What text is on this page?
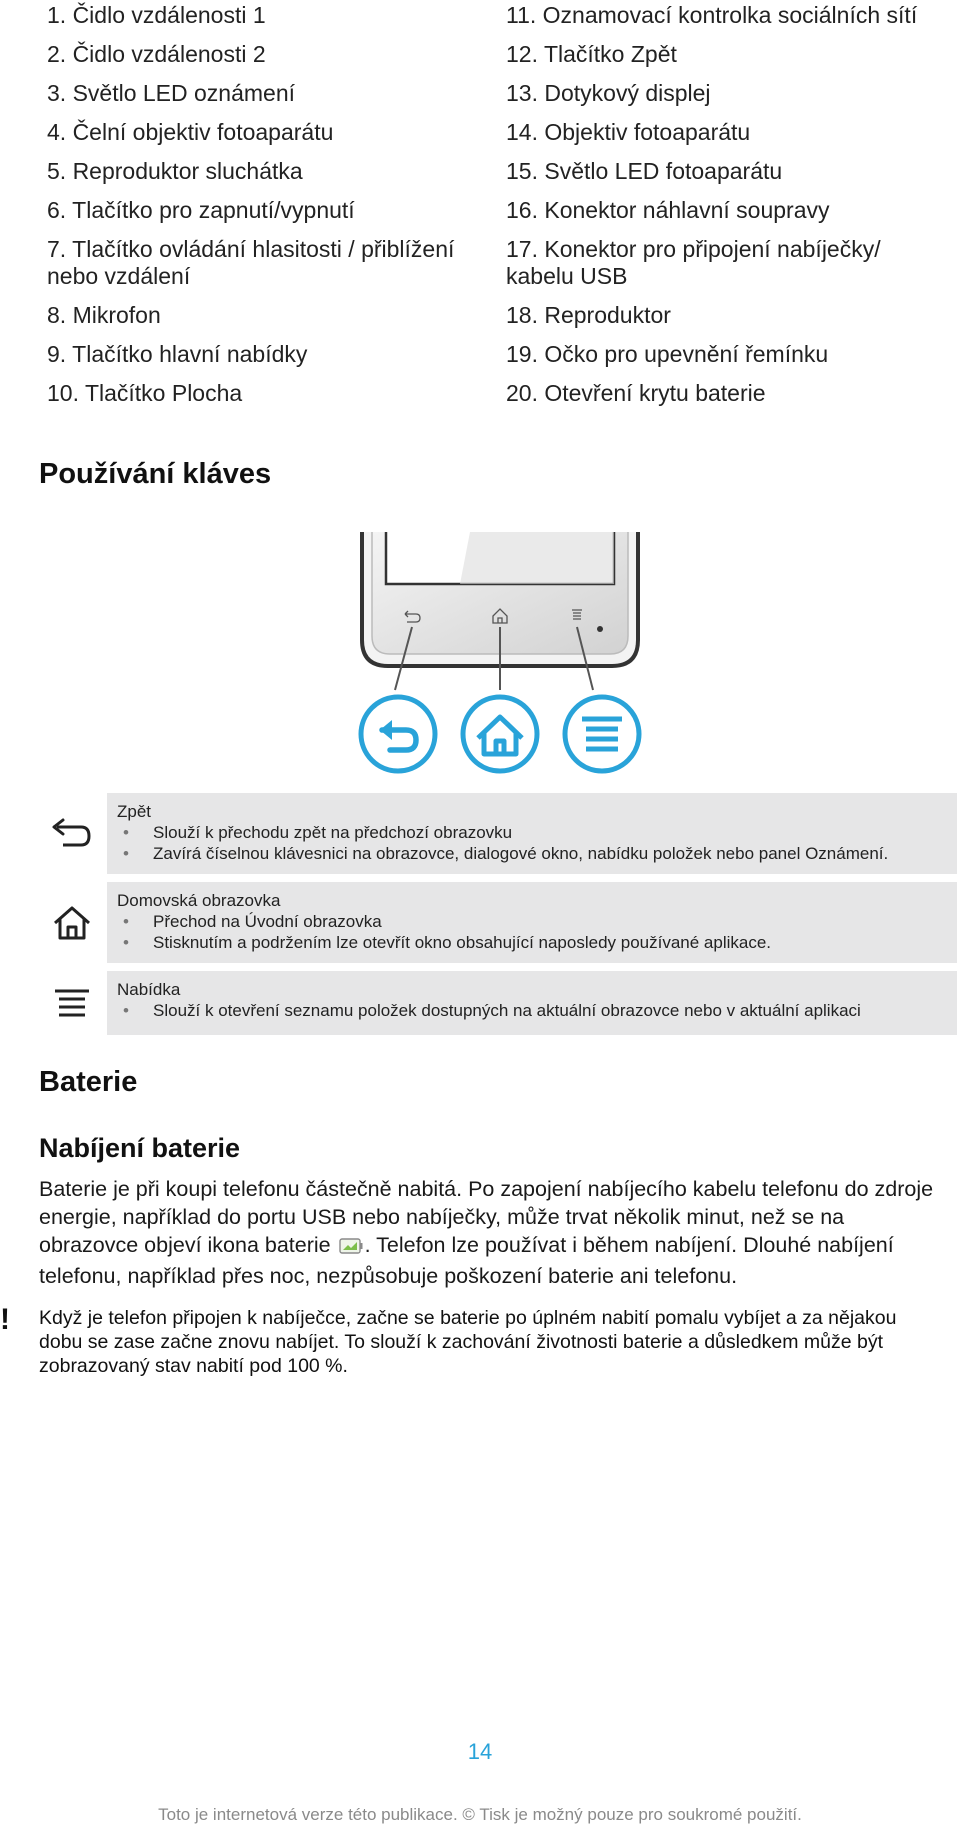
1. Čidlo vzdálenosti 1
2. Čidlo vzdálenosti 2
3. Světlo LED oznámení
4. Čelní objektiv fotoaparátu
5. Reproduktor sluchátka
6. Tlačítko pro zapnutí/vypnutí
7. Tlačítko ovládání hlasitosti / přiblížení nebo vzdálení
8. Mikrofon
9. Tlačítko hlavní nabídky
10. Tlačítko Plocha
11. Oznamovací kontrolka sociálních sítí
12. Tlačítko Zpět
13. Dotykový displej
14. Objektiv fotoaparátu
15. Světlo LED fotoaparátu
16. Konektor náhlavní soupravy
17. Konektor pro připojení nabíječky/ kabelu USB
18. Reproduktor
19. Očko pro upevnění řemínku
20. Otevření krytu baterie
Používání kláves
Zpět
• Slouží k přechodu zpět na předchozí obrazovku
• Zavírá číselnou klávesnici na obrazovce, dialogové okno, nabídku položek nebo panel Oznámení.
Domovská obrazovka
• Přechod na Úvodní obrazovka
• Stisknutím a podržením lze otevřít okno obsahující naposledy používané aplikace.
Nabídka
• Slouží k otevření seznamu položek dostupných na aktuální obrazovce nebo v aktuální aplikaci
Baterie
Nabíjení baterie

Baterie je při koupi telefonu částečně nabitá. Po zapojení nabíjecího kabelu telefonu do zdroje energie, například do portu USB nebo nabíječky, může trvat několik minut, než se na obrazovce objeví ikona baterie . Telefon lze používat i během nabíjení. Dlouhé nabíjení telefonu, například přes noc, nezpůsobuje poškození baterie ani telefonu.

! Když je telefon připojen k nabíječce, začne se baterie po úplném nabití pomalu vybíjet a za nějakou dobu se zase začne znovu nabíjet. To slouží k zachování životnosti baterie a důsledkem může být zobrazovaný stav nabití pod 100 %.
14
Toto je internetová verze této publikace. © Tisk je možný pouze pro soukromé použití.
